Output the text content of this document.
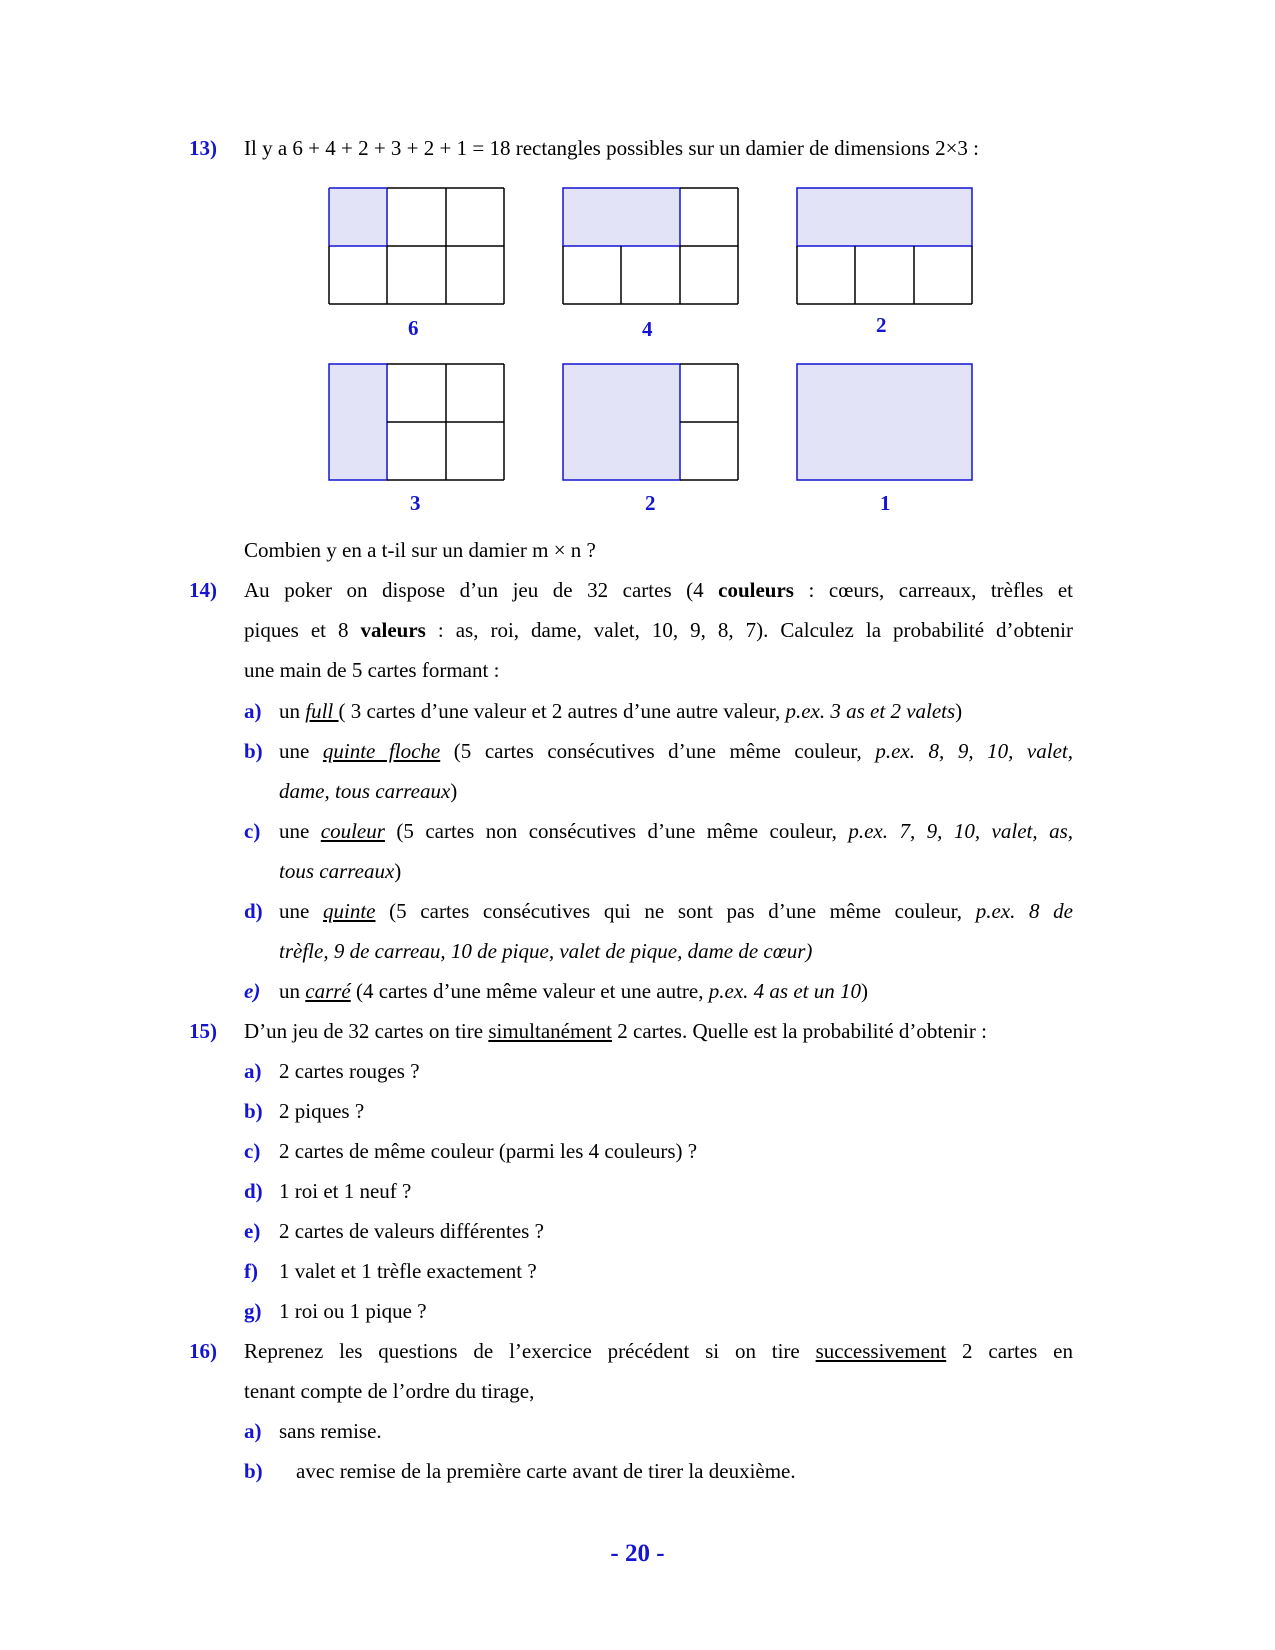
13) Il y a 6 + 4 + 2 + 3 + 2 + 1 = 18 rectangles possibles sur un damier de dimensions 2×3 :
6	4	2
3	2	1
Combien y en a t-il sur un damier m × n ?
14) Au poker on dispose d’un jeu de 32 cartes (4 couleurs : cœurs, carreaux, trèfles et
piques et 8 valeurs : as, roi, dame, valet, 10, 9, 8, 7). Calculez la probabilité d’obtenir
une main de 5 cartes formant :
a) un full ( 3 cartes d’une valeur et 2 autres d’une autre valeur, p.ex. 3 as et 2 valets)
b) une quinte floche (5 cartes consécutives d’une même couleur, p.ex. 8, 9, 10, valet,
dame, tous carreaux)
c) une couleur (5 cartes non consécutives d’une même couleur, p.ex. 7, 9, 10, valet, as,
tous carreaux)
d) une quinte (5 cartes consécutives qui ne sont pas d’une même couleur, p.ex. 8 de
trèfle, 9 de carreau, 10 de pique, valet de pique, dame de cœur)
e) un carré (4 cartes d’une même valeur et une autre, p.ex. 4 as et un 10)
15) D’un jeu de 32 cartes on tire simultanément 2 cartes. Quelle est la probabilité d’obtenir :
a) 2 cartes rouges ?
b) 2 piques ?
c) 2 cartes de même couleur (parmi les 4 couleurs) ?
d) 1 roi et 1 neuf ?
e) 2 cartes de valeurs différentes ?
f) 1 valet et 1 trèfle exactement ?
g) 1 roi ou 1 pique ?
16) Reprenez les questions de l’exercice précédent si on tire successivement 2 cartes en
tenant compte de l’ordre du tirage,
a) sans remise.
b) avec remise de la première carte avant de tirer la deuxième.
- 20 -
